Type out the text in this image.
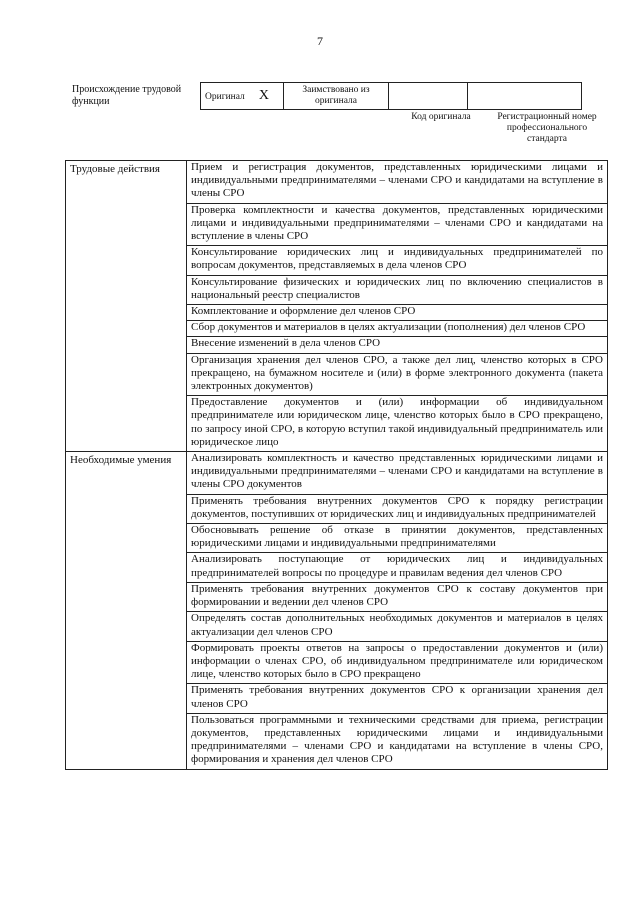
7
Происхождение трудовой функции	Оригинал X	Заимствовано из оригинала		
Код оригинала	Регистрационный номер профессионального стандарта
Трудовые действия	Прием и регистрация документов, представленных юридическими лицами и индивидуальными предпринимателями – членами СРО и кандидатами на вступление в члены СРО
	Проверка комплектности и качества документов, представленных юридическими лицами и индивидуальными предпринимателями – членами СРО и кандидатами на вступление в члены СРО
	Консультирование юридических лиц и индивидуальных предпринимателей по вопросам документов, представляемых в дела членов СРО
	Консультирование физических и юридических лиц по включению специалистов в национальный реестр специалистов
	Комплектование и оформление дел членов СРО
	Сбор документов и материалов в целях актуализации (пополнения) дел членов СРО
	Внесение изменений в дела членов СРО
	Организация хранения дел членов СРО, а также дел лиц, членство которых в СРО прекращено, на бумажном носителе и (или) в форме электронного документа (пакета электронных документов)
	Предоставление документов и (или) информации об индивидуальном предпринимателе или юридическом лице, членство которых было в СРО прекращено, по запросу иной СРО, в которую вступил такой индивидуальный предприниматель или юридическое лицо
Необходимые умения	Анализировать комплектность и качество представленных юридическими лицами и индивидуальными предпринимателями – членами СРО и кандидатами на вступление в члены СРО документов
	Применять требования внутренних документов СРО к порядку регистрации документов, поступивших от юридических лиц и индивидуальных предпринимателей
	Обосновывать решение об отказе в принятии документов, представленных юридическими лицами и индивидуальными предпринимателями
	Анализировать поступающие от юридических лиц и индивидуальных предпринимателей вопросы по процедуре и правилам ведения дел членов СРО
	Применять требования внутренних документов СРО к составу документов при формировании и ведении дел членов СРО
	Определять состав дополнительных необходимых документов и материалов в целях актуализации дел членов СРО
	Формировать проекты ответов на запросы о предоставлении документов и (или) информации о членах СРО, об индивидуальном предпринимателе или юридическом лице, членство которых было в СРО прекращено
	Применять требования внутренних документов СРО к организации хранения дел членов СРО
	Пользоваться программными и техническими средствами для приема, регистрации документов, представленных юридическими лицами и индивидуальными предпринимателями – членами СРО и кандидатами на вступление в члены СРО, формирования и хранения дел членов СРО
